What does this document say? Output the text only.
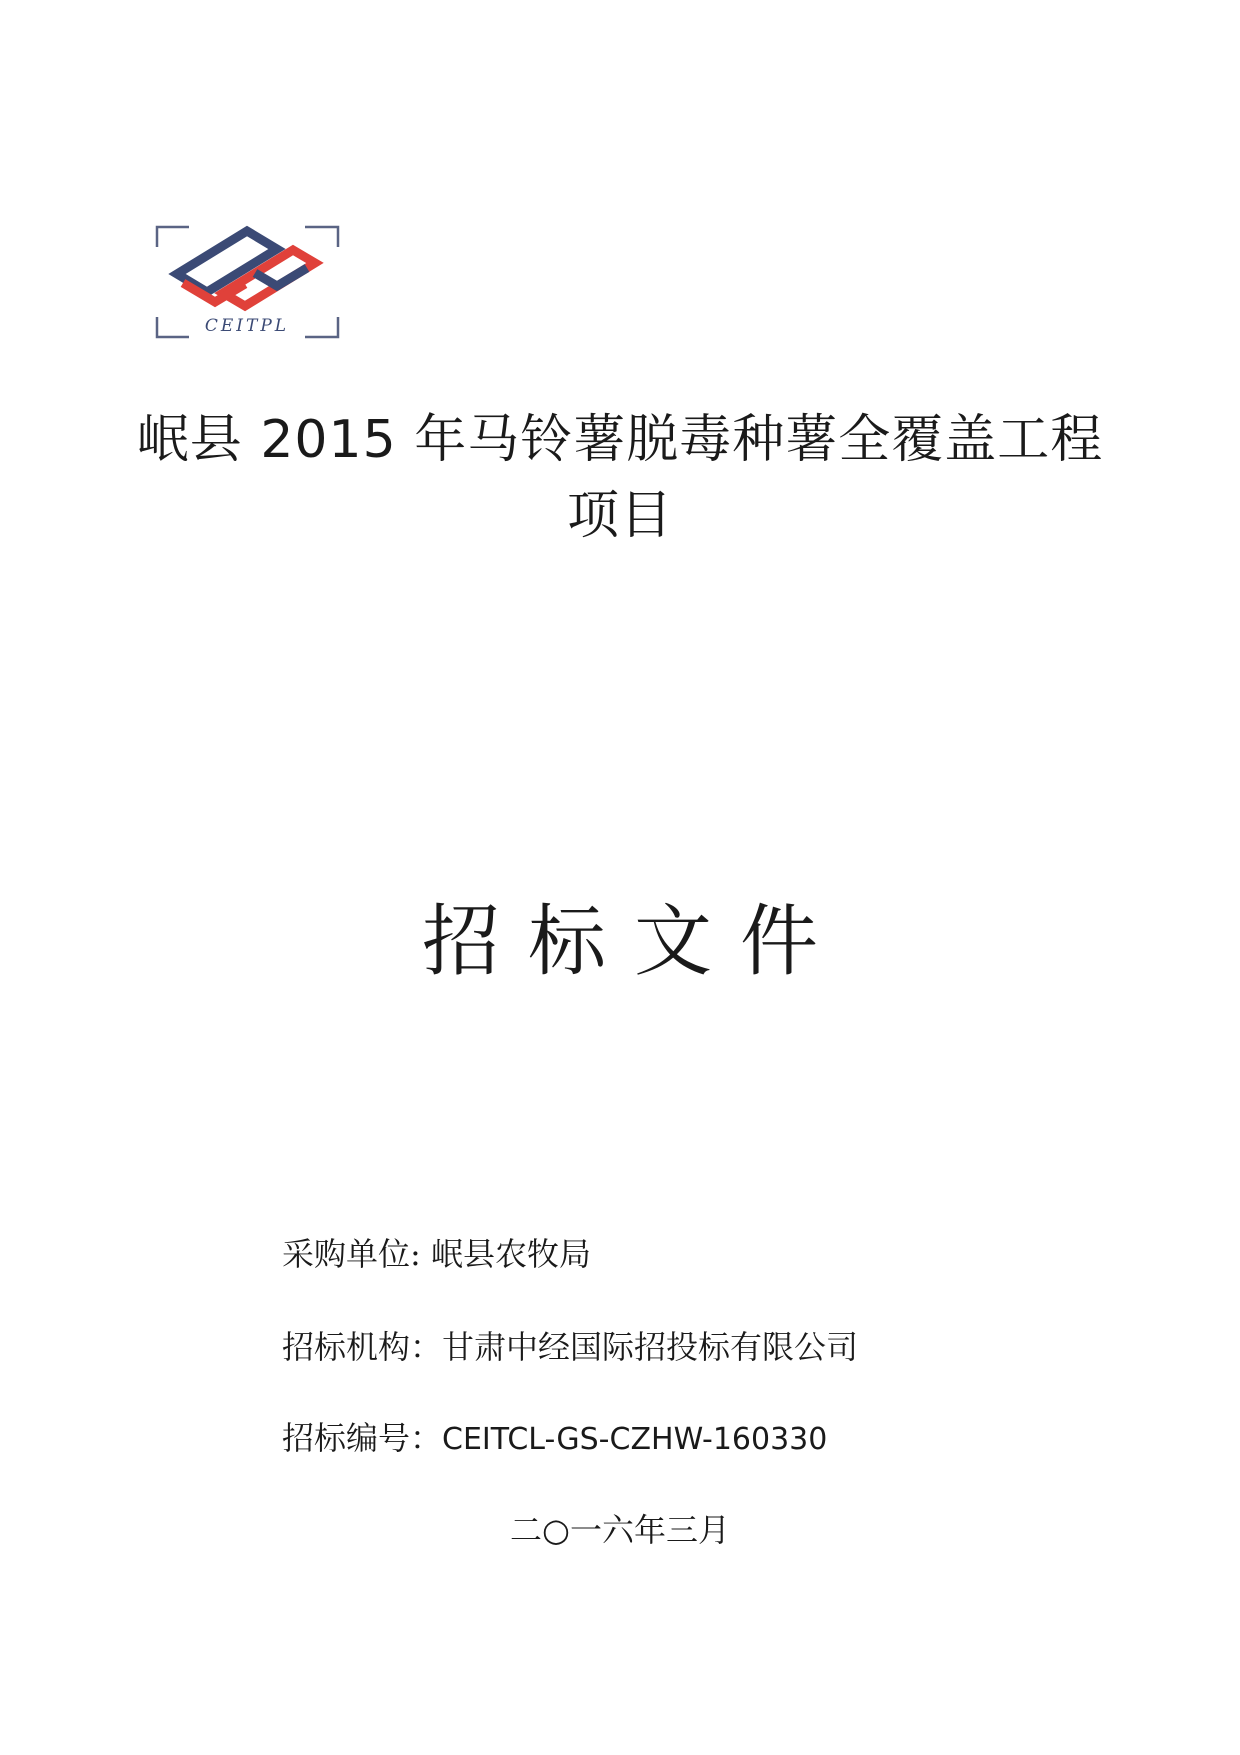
CEITPL
岷县 2015 年马铃薯脱毒种薯全覆盖工程
项目
招标文件
采购单位: 岷县农牧局
招标机构：甘肃中经国际招投标有限公司
招标编号：CEITCL-GS-CZHW-160330
二○一六年三月
